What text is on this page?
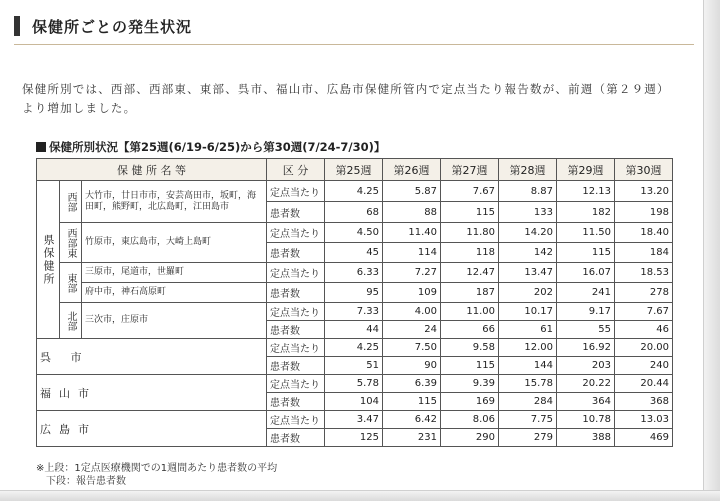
保健所ごとの発生状況
保健所別では、西部、西部東、東部、呉市、福山市、広島市保健所管内で定点当たり報告数が、前週（第２９週）
より増加しました。
保健所別状況【第25週(6/19-6/25)から第30週(7/24-7/30)】
保 健 所 名 等			区 分	第25週	第26週	第27週	第28週	第29週	第30週
県保健所	西部	大竹市，廿日市市，安芸高田市，坂町，海田町，熊野町，北広島町，江田島市	定点当たり	4.25	5.87	7.67	8.87	12.13	13.20
			患者数	68	88	115	133	182	198
	西部東	竹原市，東広島市，大崎上島町	定点当たり	4.50	11.40	11.80	14.20	11.50	18.40
			患者数	45	114	118	142	115	184
	東部	三原市，尾道市，世羅町	定点当たり	6.33	7.27	12.47	13.47	16.07	18.53
		府中市，神石高原町	患者数	95	109	187	202	241	278
	北部	三次市，庄原市	定点当たり	7.33	4.00	11.00	10.17	9.17	7.67
			患者数	44	24	66	61	55	46
呉 市			定点当たり	4.25	7.50	9.58	12.00	16.92	20.00
			患者数	51	90	115	144	203	240
福山市			定点当たり	5.78	6.39	9.39	15.78	20.22	20.44
			患者数	104	115	169	284	364	368
広島市			定点当たり	3.47	6.42	8.06	7.75	10.78	13.03
			患者数	125	231	290	279	388	469
※上段：1定点医療機関での1週間あたり患者数の平均
下段：報告患者数
